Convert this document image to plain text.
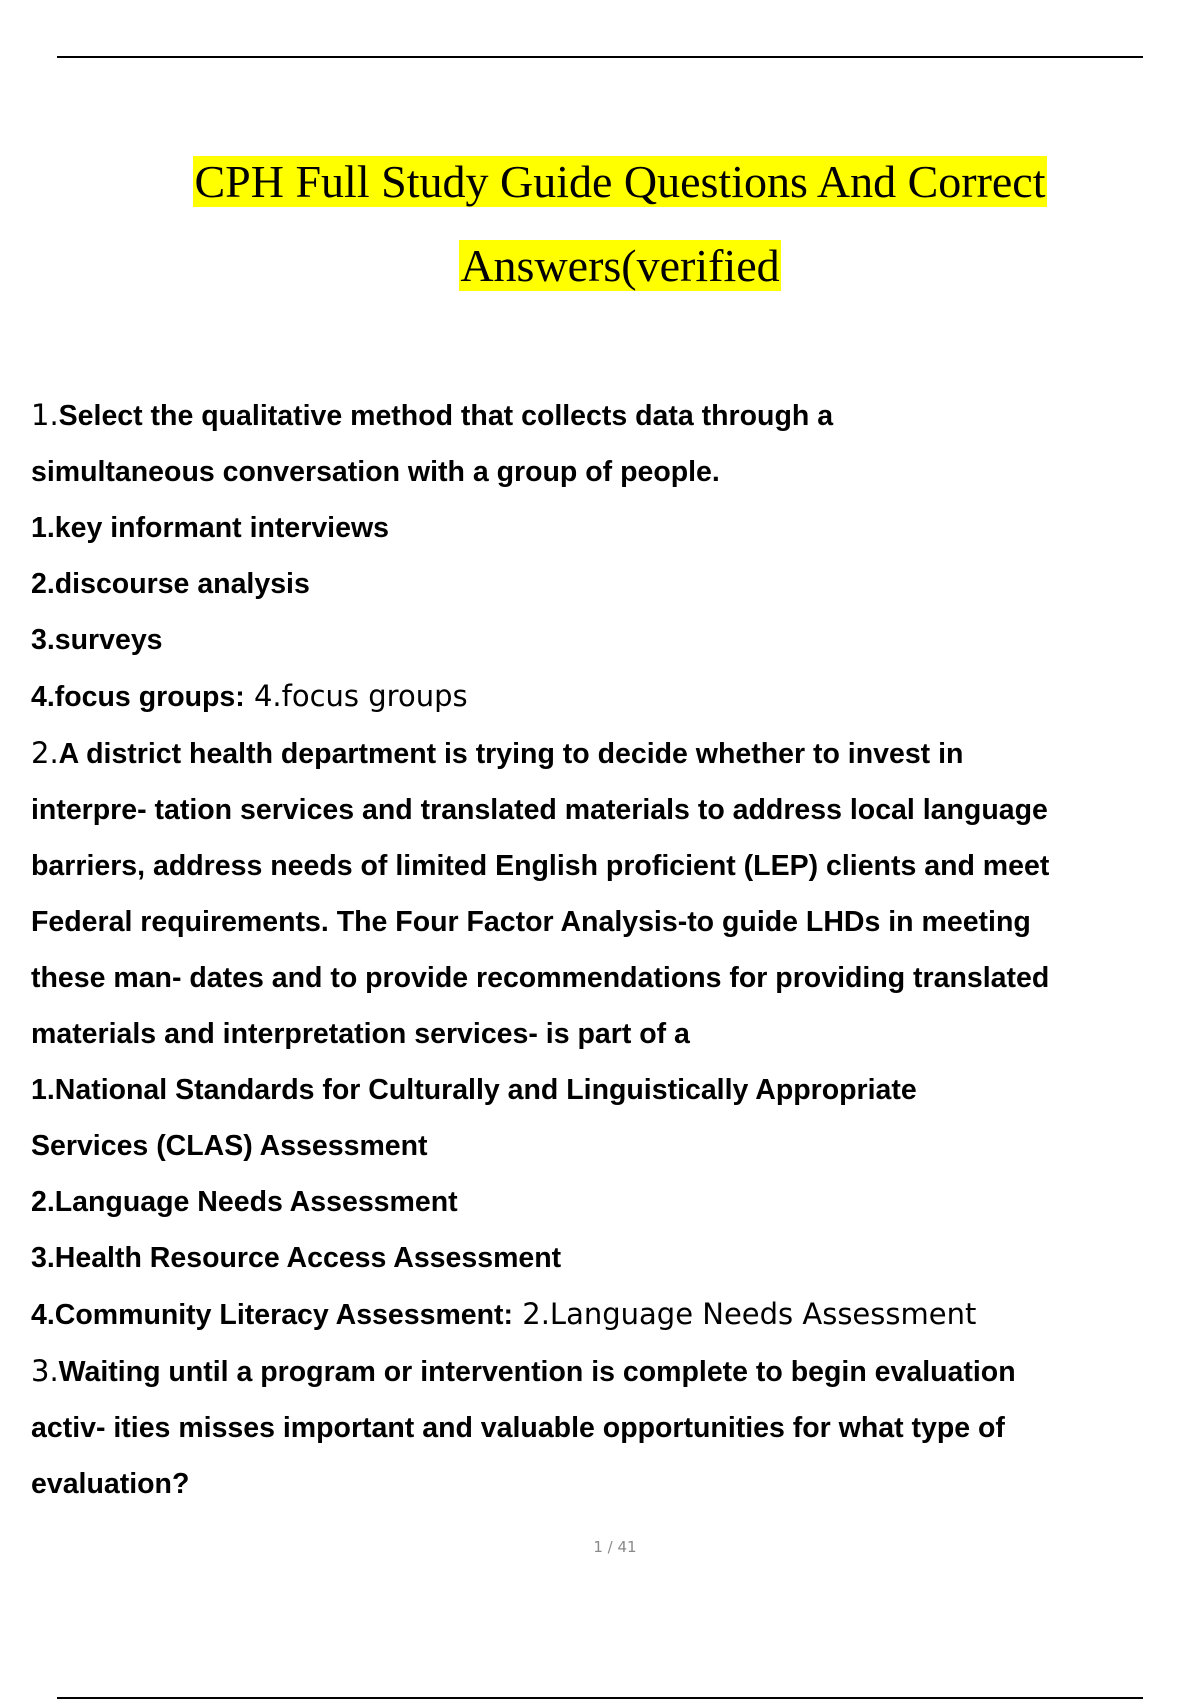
CPH Full Study Guide Questions And Correct
Answers(verified

1.Select the qualitative method that collects data through a

simultaneous conversation with a group of people.

1.key informant interviews

2.discourse analysis

3.surveys

4.focus groups: 4.focus groups

2.A district health department is trying to decide whether to invest in

interpre- tation services and translated materials to address local language

barriers, address needs of limited English proficient (LEP) clients and meet

Federal requirements. The Four Factor Analysis-to guide LHDs in meeting

these man- dates and to provide recommendations for providing translated

materials and interpretation services- is part of a

1.National Standards for Culturally and Linguistically Appropriate

Services (CLAS) Assessment

2.Language Needs Assessment

3.Health Resource Access Assessment

4.Community Literacy Assessment: 2.Language Needs Assessment

3.Waiting until a program or intervention is complete to begin evaluation

activ- ities misses important and valuable opportunities for what type of

evaluation?

1 / 41
